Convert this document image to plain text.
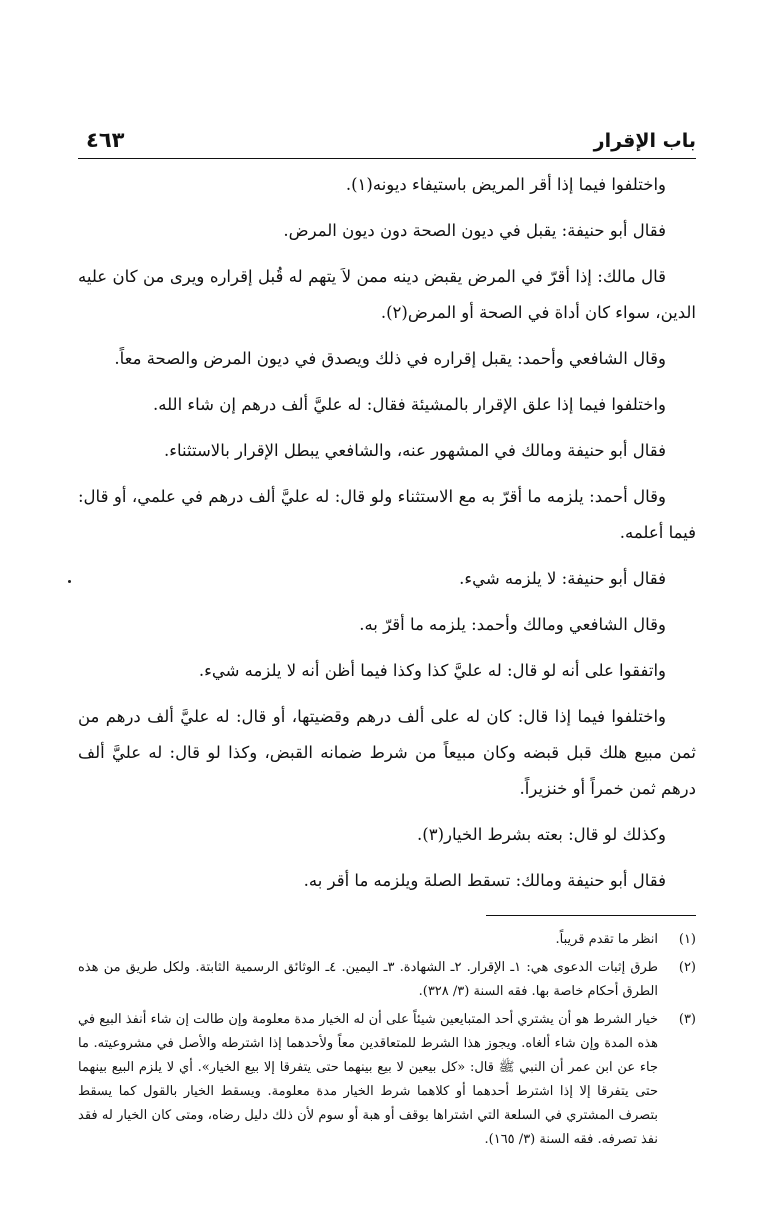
باب الإقرار
٤٦٣

واختلفوا فيما إذا أقر المريض باستيفاء ديونه(١).

فقال أبو حنيفة: يقبل في ديون الصحة دون ديون المرض.

قال مالك: إذا أقرّ في المرض يقبض دينه ممن لاَ يتهم له قُبل إقراره ويرى من كان عليه الدين، سواء كان أداة في الصحة أو المرض(٢).

وقال الشافعي وأحمد: يقبل إقراره في ذلك ويصدق في ديون المرض والصحة معاً.

واختلفوا فيما إذا علق الإقرار بالمشيئة فقال: له عليَّ ألف درهم إن شاء الله.

فقال أبو حنيفة ومالك في المشهور عنه، والشافعي يبطل الإقرار بالاستثناء.

وقال أحمد: يلزمه ما أقرّ به مع الاستثناء ولو قال: له عليَّ ألف درهم في علمي، أو قال: فيما أعلمه.

فقال أبو حنيفة: لا يلزمه شيء.

وقال الشافعي ومالك وأحمد: يلزمه ما أقرّ به.

واتفقوا على أنه لو قال: له عليَّ كذا وكذا فيما أظن أنه لا يلزمه شيء.

واختلفوا فيما إذا قال: كان له على ألف درهم وقضيتها، أو قال: له عليَّ ألف درهم من ثمن مبيع هلك قبل قبضه وكان مبيعاً من شرط ضمانه القبض، وكذا لو قال: له عليَّ ألف درهم ثمن خمراً أو خنزيراً.

وكذلك لو قال: بعته بشرط الخيار(٣).

فقال أبو حنيفة ومالك: تسقط الصلة ويلزمه ما أقر به.

(١)
انظر ما تقدم قريباً.
(٢)
طرق إثبات الدعوى هي: ١ـ الإقرار. ٢ـ الشهادة. ٣ـ اليمين. ٤ـ الوثائق الرسمية الثابتة. ولكل طريق من هذه الطرق أحكام خاصة بها. فقه السنة (٣/ ٣٢٨).
(٣)
خيار الشرط هو أن يشتري أحد المتبايعين شيئاً على أن له الخيار مدة معلومة وإن طالت إن شاء أنفذ البيع في هذه المدة وإن شاء ألغاه. ويجوز هذا الشرط للمتعاقدين معاً ولأحدهما إذا اشترطه والأصل في مشروعيته. ما جاء عن ابن عمر أن النبي ﷺ قال: «كل بيعين لا بيع بينهما حتى يتفرقا إلا بيع الخيار». أي لا يلزم البيع بينهما حتى يتفرقا إلا إذا اشترط أحدهما أو كلاهما شرط الخيار مدة معلومة. ويسقط الخيار بالقول كما يسقط بتصرف المشتري في السلعة التي اشتراها بوقف أو هبة أو سوم لأن ذلك دليل رضاه، ومتى كان الخيار له فقد نفذ تصرفه. فقه السنة (٣/ ١٦٥).
